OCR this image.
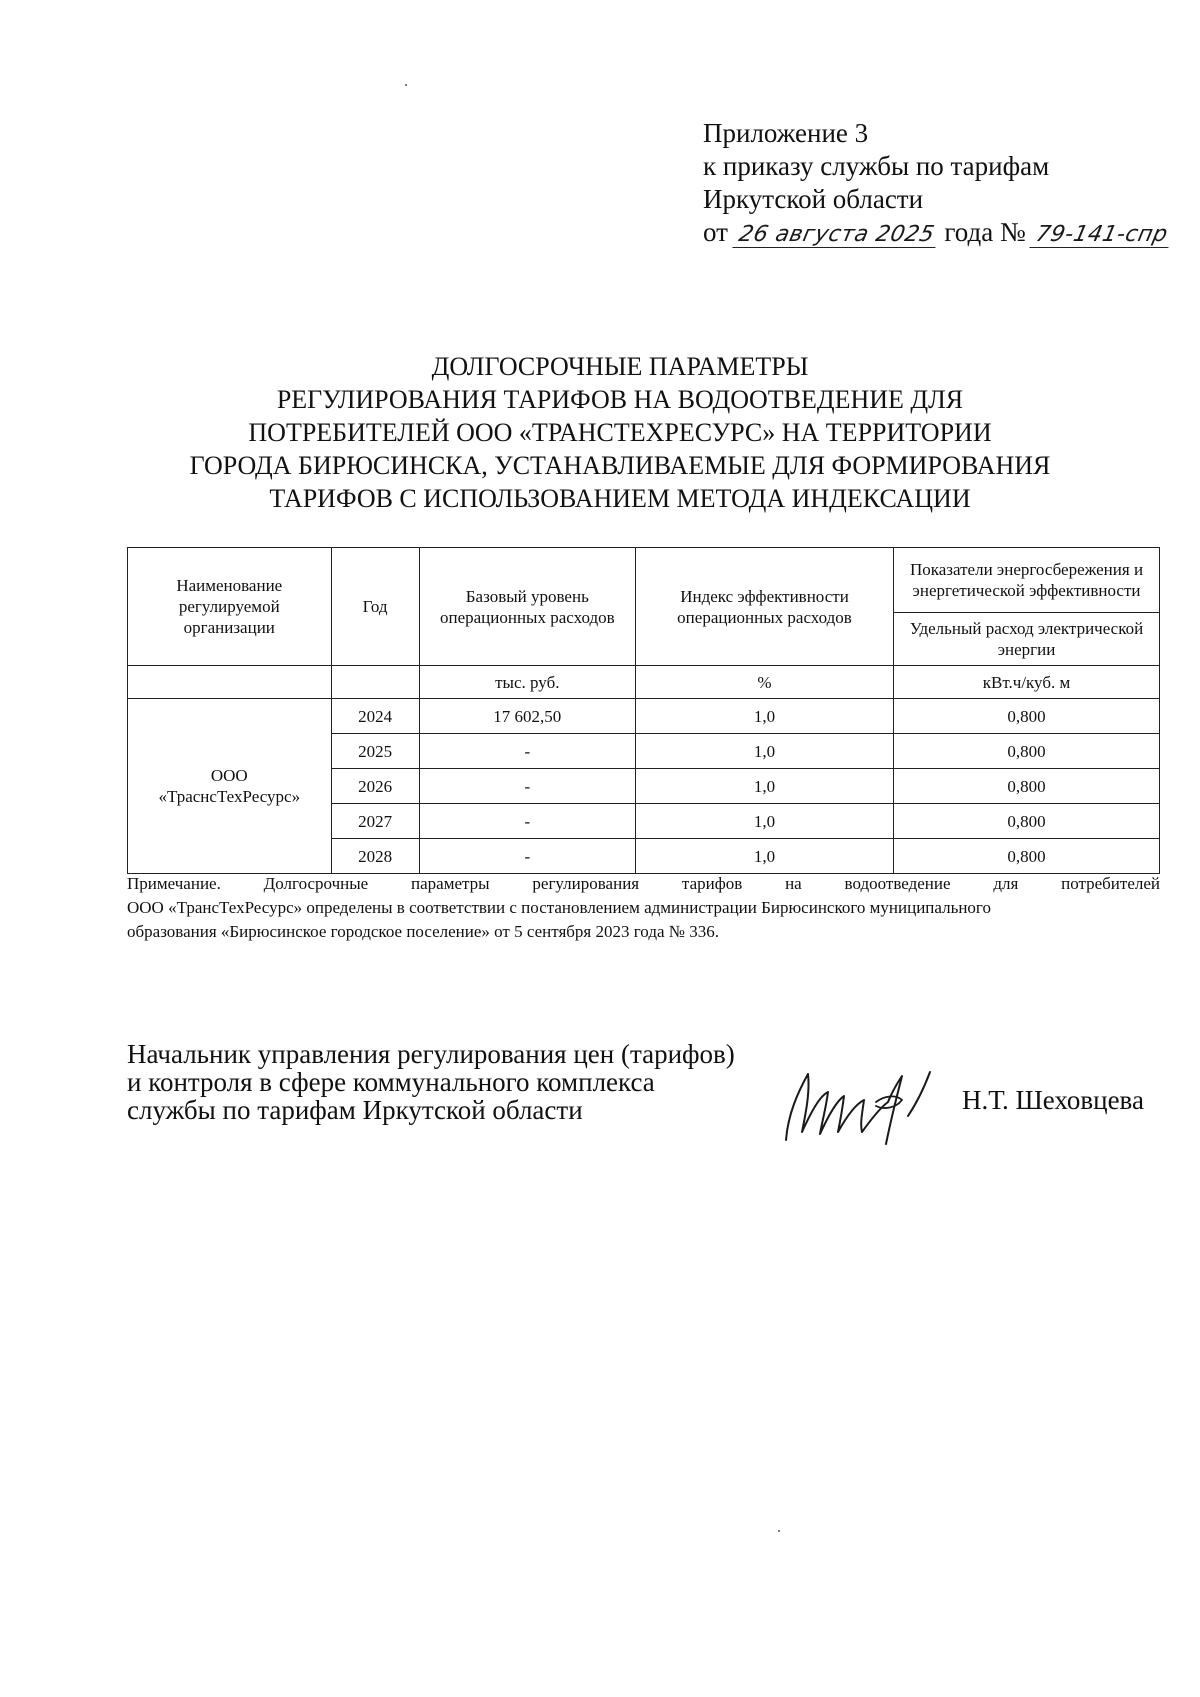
Приложение 3
к приказу службы по тарифам
Иркутской области
от 26 августа 2025 года № 79-141-спр
ДОЛГОСРОЧНЫЕ ПАРАМЕТРЫ
РЕГУЛИРОВАНИЯ ТАРИФОВ НА ВОДООТВЕДЕНИЕ ДЛЯ
ПОТРЕБИТЕЛЕЙ ООО «ТРАНСТЕХРЕСУРС» НА ТЕРРИТОРИИ
ГОРОДА БИРЮСИНСКА, УСТАНАВЛИВАЕМЫЕ ДЛЯ ФОРМИРОВАНИЯ
ТАРИФОВ С ИСПОЛЬЗОВАНИЕМ МЕТОДА ИНДЕКСАЦИИ
Наименование регулируемой организации	Год	Базовый уровень операционных расходов	Индекс эффективности операционных расходов	Показатели энергосбережения и энергетической эффективности
				Удельный расход электрической энергии
		тыс. руб.	%	кВт.ч/куб. м

ООО
«ТраснсТехРесурс»	2024	17 602,50	1,0	0,800
	2025	-	1,0	0,800
	2026	-	1,0	0,800
	2027	-	1,0	0,800
	2028	-	1,0	0,800
Примечание. Долгосрочные параметры регулирования тарифов на водоотведение для потребителей
ООО «ТрансТехРесурс» определены в соответствии с постановлением администрации Бирюсинского муниципального
образования «Бирюсинское городское поселение» от 5 сентября 2023 года № 336.
Начальник управления регулирования цен (тарифов)
и контроля в сфере коммунального комплекса
службы по тарифам Иркутской области	Н.Т. Шеховцева
